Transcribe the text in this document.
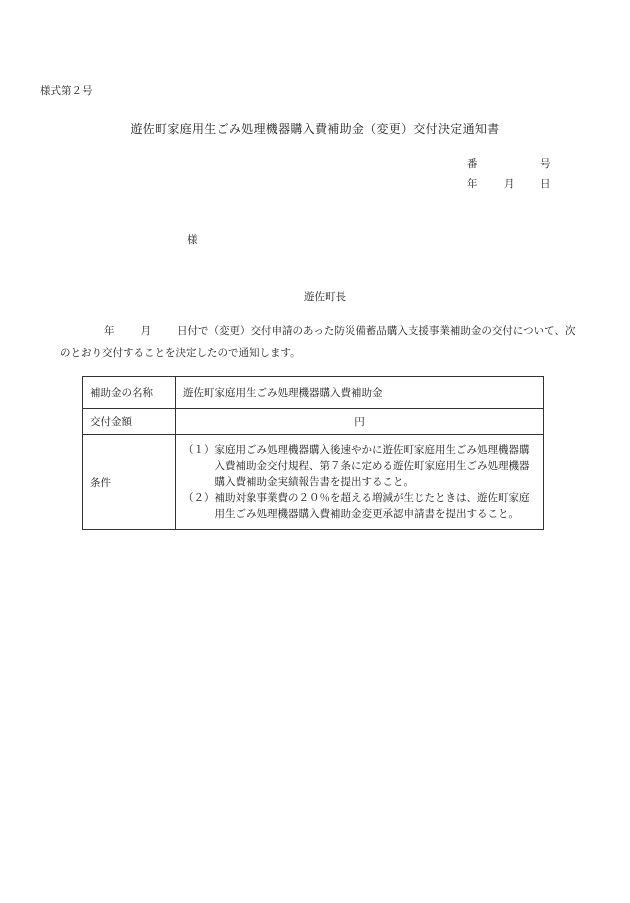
様式第２号
遊佐町家庭用生ごみ処理機器購入費補助金（変更）交付決定通知書
番	号
年	月 日
様
遊佐町長
年 月 日付で（変更）交付申請のあった防災備蓄品購入支援事業補助金の交付について、次のとおり交付することを決定したので通知します。
補助金の名称	遊佐町家庭用生ごみ処理機器購入費補助金
交付金額	円
条件	（１） 家庭用ごみ処理機器購入後速やかに遊佐町家庭用生ごみ処理機器購入費補助金交付規程、第７条に定める遊佐町家庭用生ごみ処理機器購入費補助金実績報告書を提出すること。
（２） 補助対象事業費の２０％を超える増減が生じたときは、遊佐町家庭用生ごみ処理機器購入費補助金変更承認申請書を提出すること。
